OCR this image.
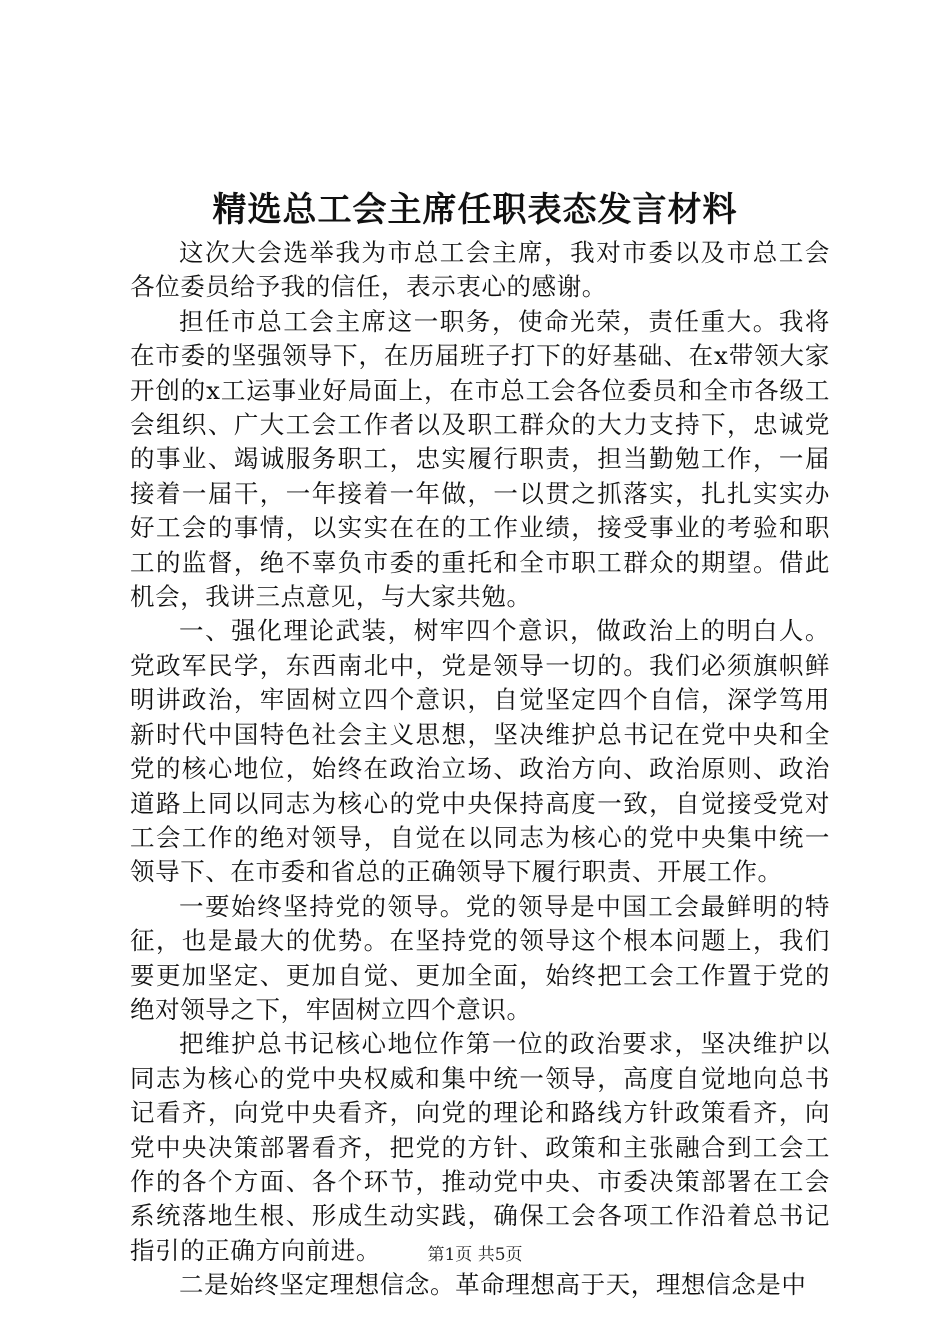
精选总工会主席任职表态发言材料

这次大会选举我为市总工会主席，我对市委以及市总工会各位委员给予我的信任，表示衷心的感谢。

担任市总工会主席这一职务，使命光荣，责任重大。我将在市委的坚强领导下，在历届班子打下的好基础、在x带领大家开创的x工运事业好局面上，在市总工会各位委员和全市各级工会组织、广大工会工作者以及职工群众的大力支持下，忠诚党的事业、竭诚服务职工，忠实履行职责，担当勤勉工作，一届接着一届干，一年接着一年做，一以贯之抓落实，扎扎实实办好工会的事情，以实实在在的工作业绩，接受事业的考验和职工的监督，绝不辜负市委的重托和全市职工群众的期望。借此机会，我讲三点意见，与大家共勉。

一、强化理论武装，树牢四个意识，做政治上的明白人。党政军民学，东西南北中，党是领导一切的。我们必须旗帜鲜明讲政治，牢固树立四个意识，自觉坚定四个自信，深学笃用新时代中国特色社会主义思想，坚决维护总书记在党中央和全党的核心地位，始终在政治立场、政治方向、政治原则、政治道路上同以同志为核心的党中央保持高度一致，自觉接受党对工会工作的绝对领导，自觉在以同志为核心的党中央集中统一领导下、在市委和省总的正确领导下履行职责、开展工作。

一要始终坚持党的领导。党的领导是中国工会最鲜明的特征，也是最大的优势。在坚持党的领导这个根本问题上，我们要更加坚定、更加自觉、更加全面，始终把工会工作置于党的绝对领导之下，牢固树立四个意识。

把维护总书记核心地位作第一位的政治要求，坚决维护以同志为核心的党中央权威和集中统一领导，高度自觉地向总书记看齐，向党中央看齐，向党的理论和路线方针政策看齐，向党中央决策部署看齐，把党的方针、政策和主张融合到工会工作的各个方面、各个环节，推动党中央、市委决策部署在工会系统落地生根、形成生动实践，确保工会各项工作沿着总书记指引的正确方向前进。

二是始终坚定理想信念。革命理想高于天，理想信念是中

第1页 共5页
